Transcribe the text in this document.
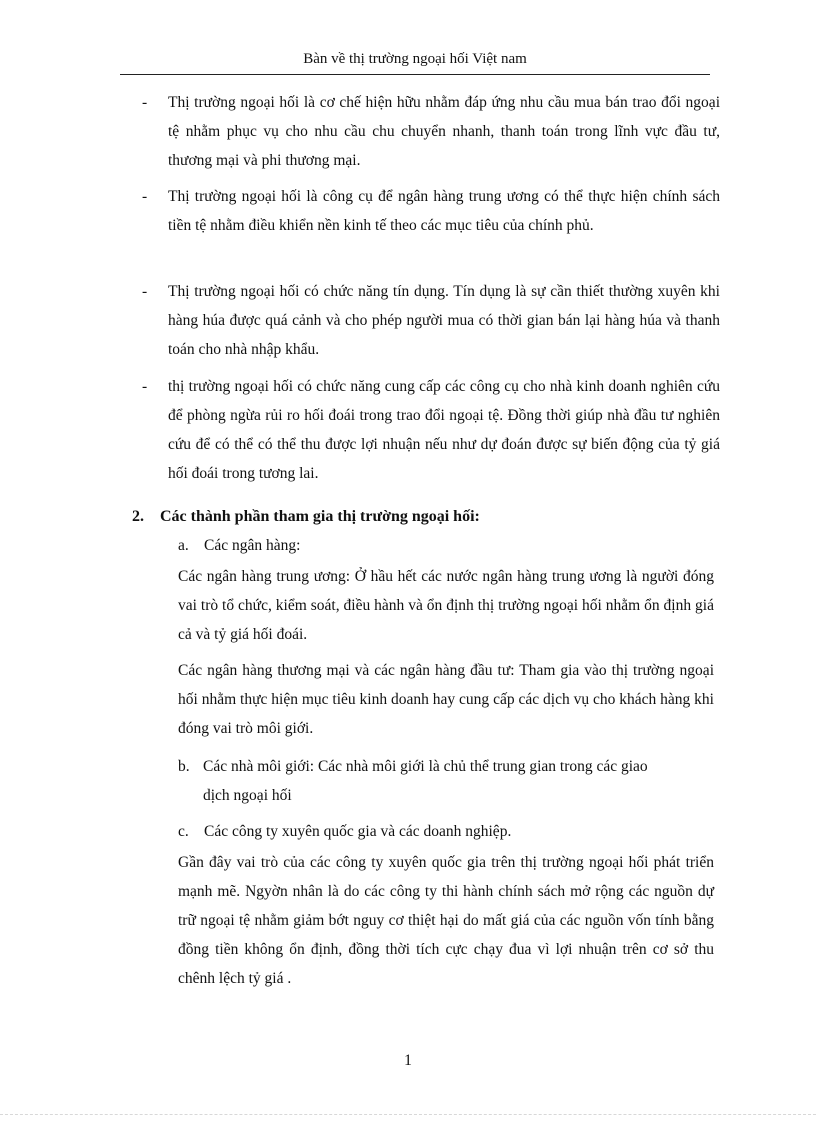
Bàn về thị trường ngoại hối Việt nam
- Thị trường ngoại hối là cơ chế hiện hữu nhằm đáp ứng nhu cầu mua bán trao đổi ngoại tệ nhằm phục vụ cho nhu cầu chu chuyển nhanh, thanh toán trong lĩnh vực đầu tư, thương mại và phi thương mại.
- Thị trường ngoại hối là công cụ để ngân hàng trung ương có thể thực hiện chính sách tiền tệ nhằm điều khiển nền kinh tế theo các mục tiêu của chính phủ.
- Thị trường ngoại hối có chức năng tín dụng. Tín dụng là sự cần thiết thường xuyên khi hàng húa được quá cảnh và cho phép người mua có thời gian bán lại hàng húa và thanh toán cho nhà nhập khẩu.
- thị trường ngoại hối có chức năng cung cấp các công cụ cho nhà kinh doanh nghiên cứu để phòng ngừa rủi ro hối đoái trong trao đổi ngoại tệ. Đồng thời giúp nhà đầu tư nghiên cứu để có thể có thể thu được lợi nhuận nếu như dự đoán được sự biến động của tỷ giá hối đoái trong tương lai.
2. Các thành phần tham gia thị trường ngoại hối:
a. Các ngân hàng:
Các ngân hàng trung ương: Ở hầu hết các nước ngân hàng trung ương là người đóng vai trò tổ chức, kiểm soát, điều hành và ổn định thị trường ngoại hối nhằm ổn định giá cả và tỷ giá hối đoái.
Các ngân hàng thương mại và các ngân hàng đầu tư: Tham gia vào thị trường ngoại hối nhằm thực hiện mục tiêu kinh doanh hay cung cấp các dịch vụ cho khách hàng khi đóng vai trò môi giới.
b. Các nhà môi giới: Các nhà môi giới là chủ thể trung gian trong các giao
dịch ngoại hối
c. Các công ty xuyên quốc gia và các doanh nghiệp.
Gần đây vai trò của các công ty xuyên quốc gia trên thị trường ngoại hối phát triển mạnh mẽ. Ngyờn nhân là do các công ty thi hành chính sách mở rộng các nguồn dự trữ ngoại tệ nhằm giảm bớt nguy cơ thiệt hại do mất giá của các nguồn vốn tính bằng đồng tiền không ổn định, đồng thời tích cực chạy đua vì lợi nhuận trên cơ sở thu chênh lệch tỷ giá .
1
